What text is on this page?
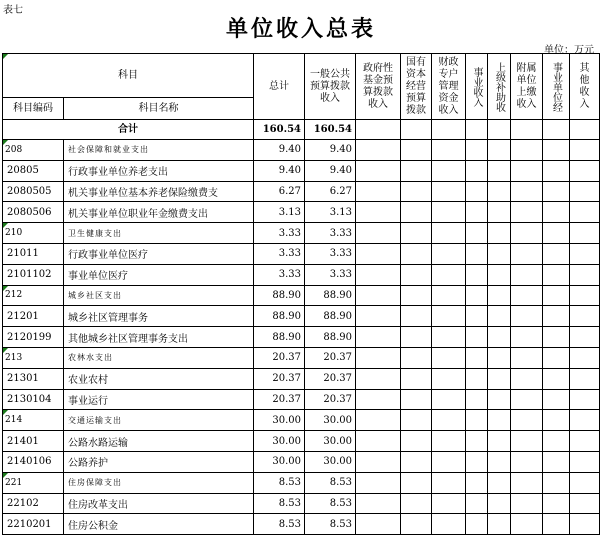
表七
单位收入总表
单位：万元
科目		总计	一般公共预算拨款收入	政府性基金预算拨款收入	国有资本经营预算拨款	财政专户管理资金收入	事业收入	上级补助收	附属单位上缴收入	事业单位经	其他收入

科目编码	科目名称										
合计		160.54	160.54								
208	社会保障和就业支出	9.40	9.40								
20805	行政事业单位养老支出	9.40	9.40								
2080505	机关事业单位基本养老保险缴费支	6.27	6.27								
2080506	机关事业单位职业年金缴费支出	3.13	3.13								
210	卫生健康支出	3.33	3.33								
21011	行政事业单位医疗	3.33	3.33								
2101102	事业单位医疗	3.33	3.33								
212	城乡社区支出	88.90	88.90								
21201	城乡社区管理事务	88.90	88.90								
2120199	其他城乡社区管理事务支出	88.90	88.90								
213	农林水支出	20.37	20.37								
21301	农业农村	20.37	20.37								
2130104	事业运行	20.37	20.37								
214	交通运输支出	30.00	30.00								
21401	公路水路运输	30.00	30.00								
2140106	公路养护	30.00	30.00								
221	住房保障支出	8.53	8.53								
22102	住房改革支出	8.53	8.53								
2210201	住房公积金	8.53	8.53								
